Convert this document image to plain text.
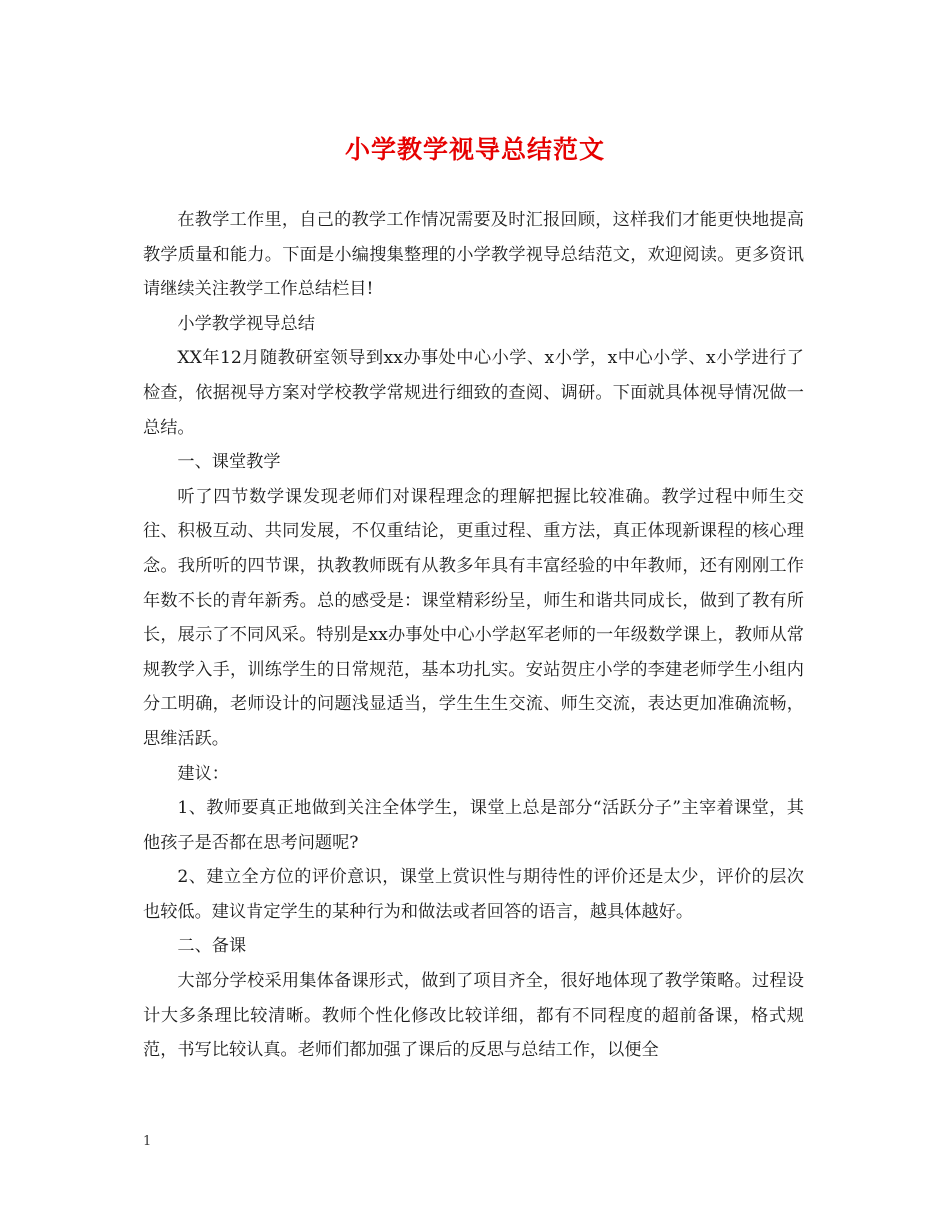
小学教学视导总结范文

在教学工作里，自己的教学工作情况需要及时汇报回顾，这样我们才能更快地提高教学质量和能力。下面是小编搜集整理的小学教学视导总结范文，欢迎阅读。更多资讯请继续关注教学工作总结栏目!

小学教学视导总结

XX年12月随教研室领导到xx办事处中心小学、x小学，x中心小学、x小学进行了检查，依据视导方案对学校教学常规进行细致的查阅、调研。下面就具体视导情况做一总结。

一、课堂教学

听了四节数学课发现老师们对课程理念的理解把握比较准确。教学过程中师生交往、积极互动、共同发展，不仅重结论，更重过程、重方法，真正体现新课程的核心理念。我所听的四节课，执教教师既有从教多年具有丰富经验的中年教师，还有刚刚工作年数不长的青年新秀。总的感受是：课堂精彩纷呈，师生和谐共同成长，做到了教有所长，展示了不同风采。特别是xx办事处中心小学赵军老师的一年级数学课上，教师从常规教学入手，训练学生的日常规范，基本功扎实。安站贺庄小学的李建老师学生小组内分工明确，老师设计的问题浅显适当，学生生生交流、师生交流，表达更加准确流畅，思维活跃。

建议：

1、教师要真正地做到关注全体学生，课堂上总是部分“活跃分子”主宰着课堂，其他孩子是否都在思考问题呢?

2、建立全方位的评价意识，课堂上赏识性与期待性的评价还是太少，评价的层次也较低。建议肯定学生的某种行为和做法或者回答的语言，越具体越好。

二、备课

大部分学校采用集体备课形式，做到了项目齐全，很好地体现了教学策略。过程设计大多条理比较清晰。教师个性化修改比较详细，都有不同程度的超前备课，格式规范，书写比较认真。老师们都加强了课后的反思与总结工作，以便全

1
